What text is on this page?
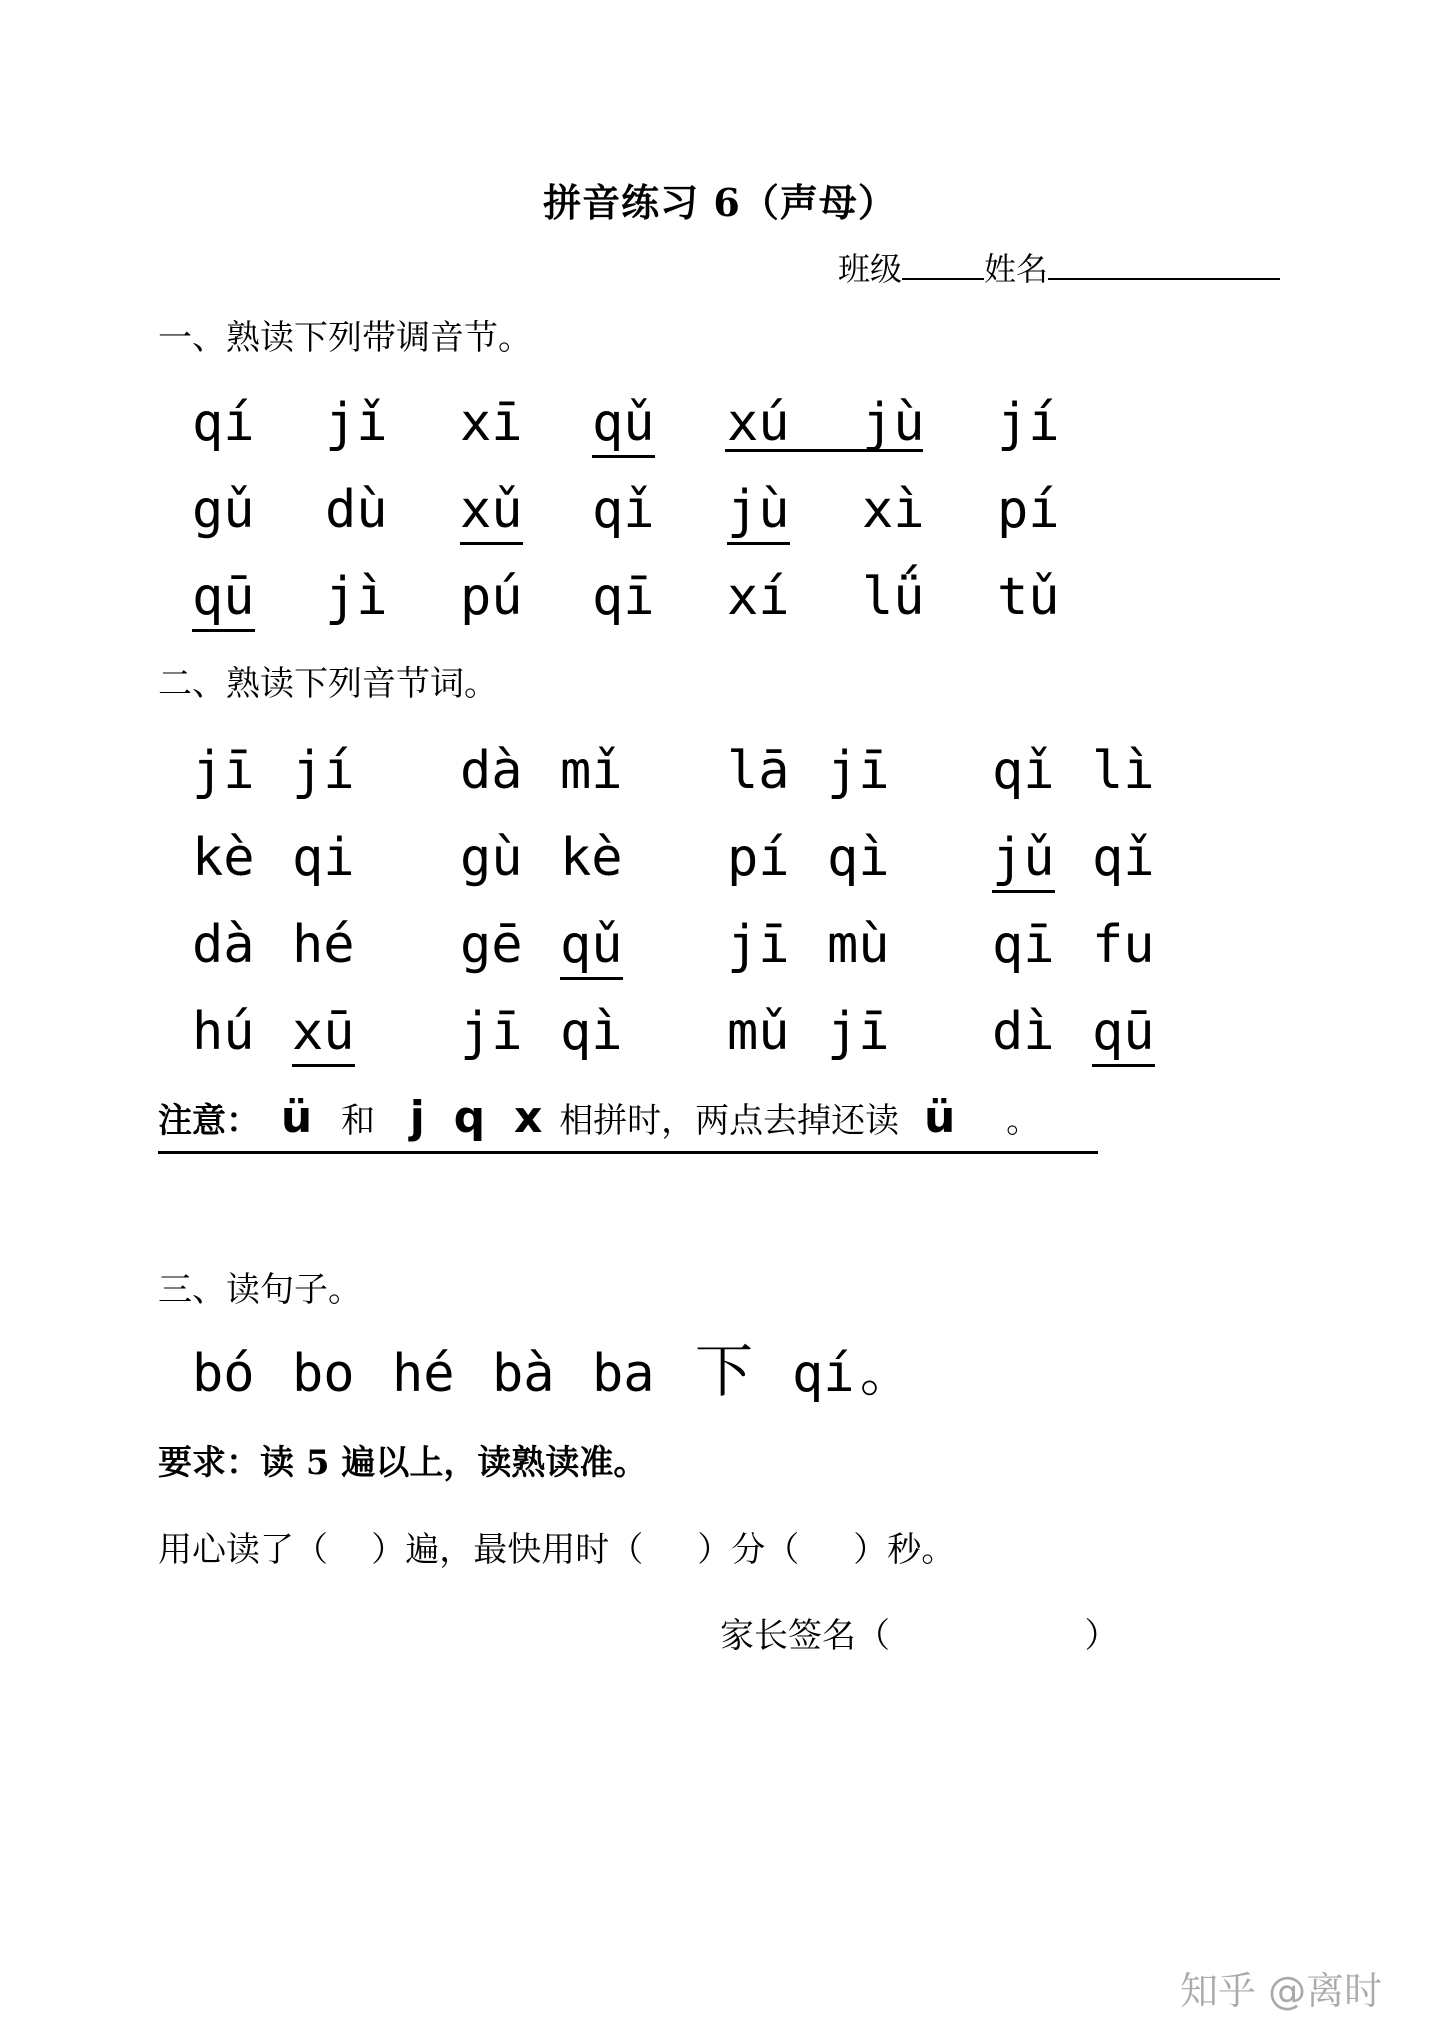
拼音练习 6（声母）
班级	姓名
一、熟读下列带调音节。
qí jǐ xī qǔ xú jù jí
gǔ dù xǔ qǐ jù xì pí
qū jì pú qī xí lǘ tǔ
二、熟读下列音节词。
jī jí dà mǐ lā jī qǐ lì
kè qi gù kè pí qì jǔ qǐ
dà hé gē qǔ jī mù qī fu
hú xū jī qì mǔ jī dì qū
注意： ü 和 j q x 相拼时，两点去掉还读 ü 。
三、读句子。
bó bo hé bà ba 下 qí 。
要求：读 5 遍以上，读熟读准。
用心读了（    ）遍，最快用时（     ）分（     ）秒。
家长签名（                  ）
知乎 @离时
